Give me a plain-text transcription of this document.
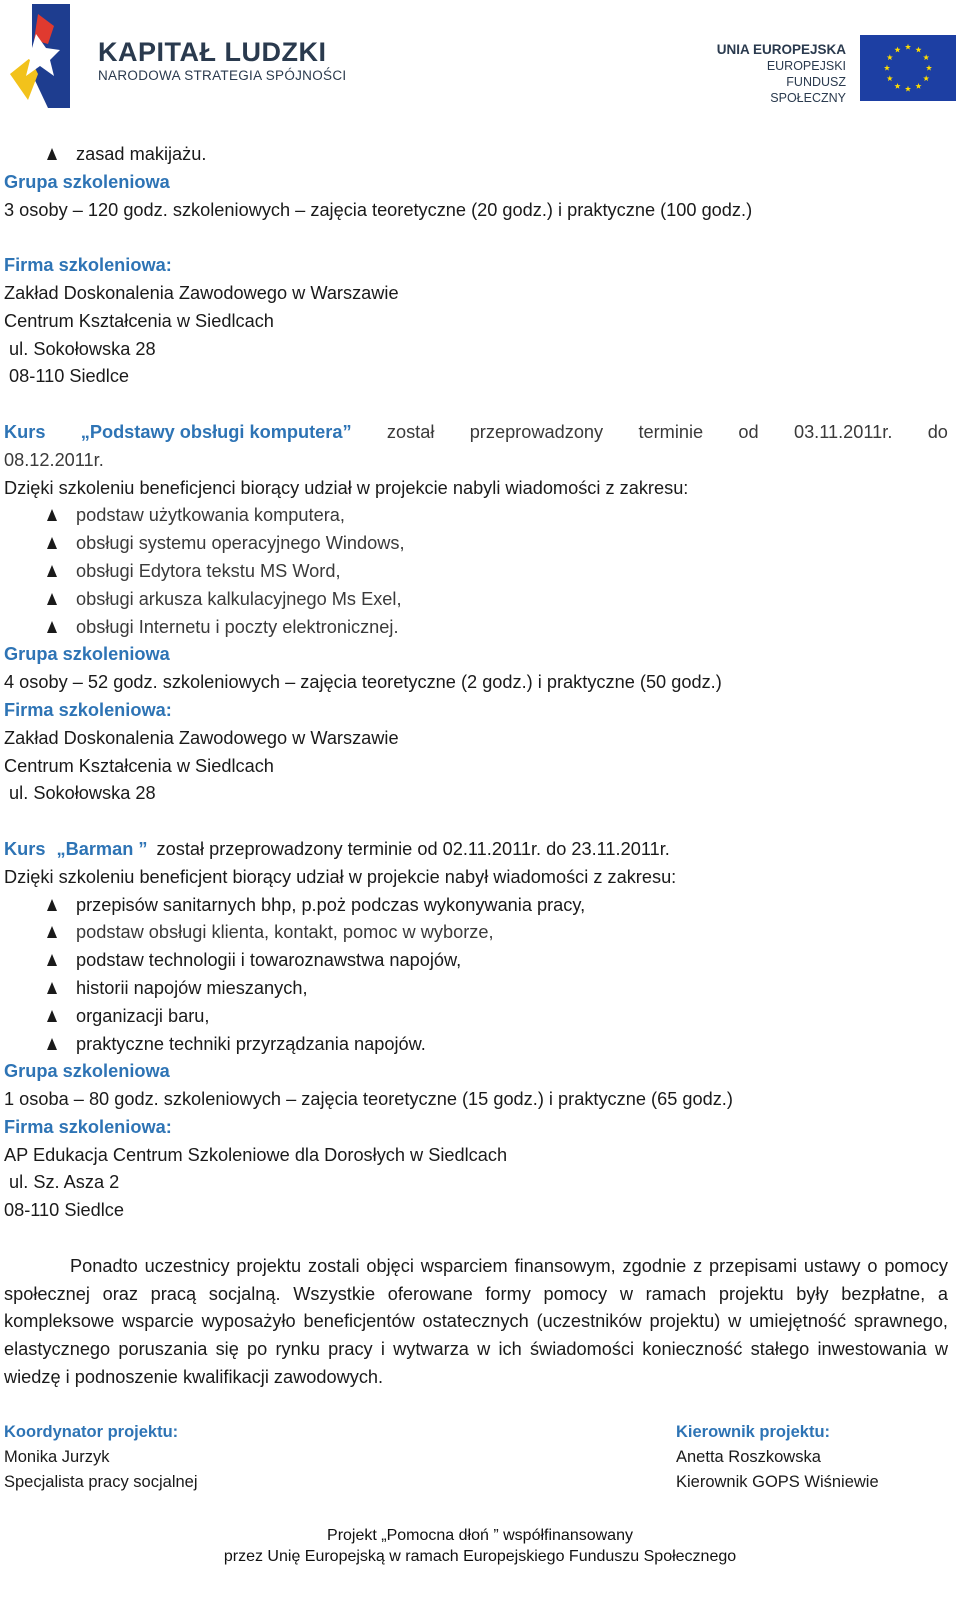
KAPITAŁ LUDZKI
NARODOWA STRATEGIA SPÓJNOŚCI
UNIA EUROPEJSKA
EUROPEJSKI
FUNDUSZ SPOŁECZNY
zasad makijażu.
Grupa szkoleniowa
3 osoby – 120 godz. szkoleniowych – zajęcia teoretyczne (20 godz.) i praktyczne (100 godz.)
Firma szkoleniowa:
Zakład Doskonalenia Zawodowego w Warszawie
Centrum Kształcenia w Siedlcach
ul. Sokołowska 28
08-110 Siedlce
Kurs „Podstawy obsługi komputera” został przeprowadzony terminie od 03.11.2011r. do
08.12.2011r.
Dzięki szkoleniu beneficjenci biorący udział w projekcie nabyli wiadomości z zakresu:
podstaw użytkowania komputera,
obsługi systemu operacyjnego Windows,
obsługi Edytora tekstu MS Word,
obsługi arkusza kalkulacyjnego Ms Exel,
obsługi Internetu i poczty elektronicznej.
Grupa szkoleniowa
4 osoby – 52 godz. szkoleniowych – zajęcia teoretyczne (2 godz.) i praktyczne (50 godz.)
Firma szkoleniowa:
Zakład Doskonalenia Zawodowego w Warszawie
Centrum Kształcenia w Siedlcach
ul. Sokołowska 28
Kurs „Barman ” został przeprowadzony terminie od 02.11.2011r. do 23.11.2011r.
Dzięki szkoleniu beneficjent biorący udział w projekcie nabył wiadomości z zakresu:
przepisów sanitarnych bhp, p.poż podczas wykonywania pracy,
podstaw obsługi klienta, kontakt, pomoc w wyborze,
podstaw technologii i towaroznawstwa napojów,
historii napojów mieszanych,
organizacji baru,
praktyczne techniki przyrządzania napojów.
Grupa szkoleniowa
1 osoba – 80 godz. szkoleniowych – zajęcia teoretyczne (15 godz.) i praktyczne (65 godz.)
Firma szkoleniowa:
AP Edukacja Centrum Szkoleniowe dla Dorosłych w Siedlcach
ul. Sz. Asza 2
08-110 Siedlce
Ponadto uczestnicy projektu zostali objęci wsparciem finansowym, zgodnie z przepisami ustawy o pomocy społecznej oraz pracą socjalną. Wszystkie oferowane formy pomocy w ramach projektu były bezpłatne, a kompleksowe wsparcie wyposażyło beneficjentów ostatecznych (uczestników projektu) w umiejętność sprawnego, elastycznego poruszania się po rynku pracy i wytwarza w ich świadomości konieczność stałego inwestowania w wiedzę i podnoszenie kwalifikacji zawodowych.
Koordynator projektu:
Monika Jurzyk
Specjalista pracy socjalnej
Kierownik projektu:
Anetta Roszkowska
Kierownik GOPS Wiśniewie
Projekt „Pomocna dłoń ” współfinansowany
przez Unię Europejską w ramach Europejskiego Funduszu Społecznego
